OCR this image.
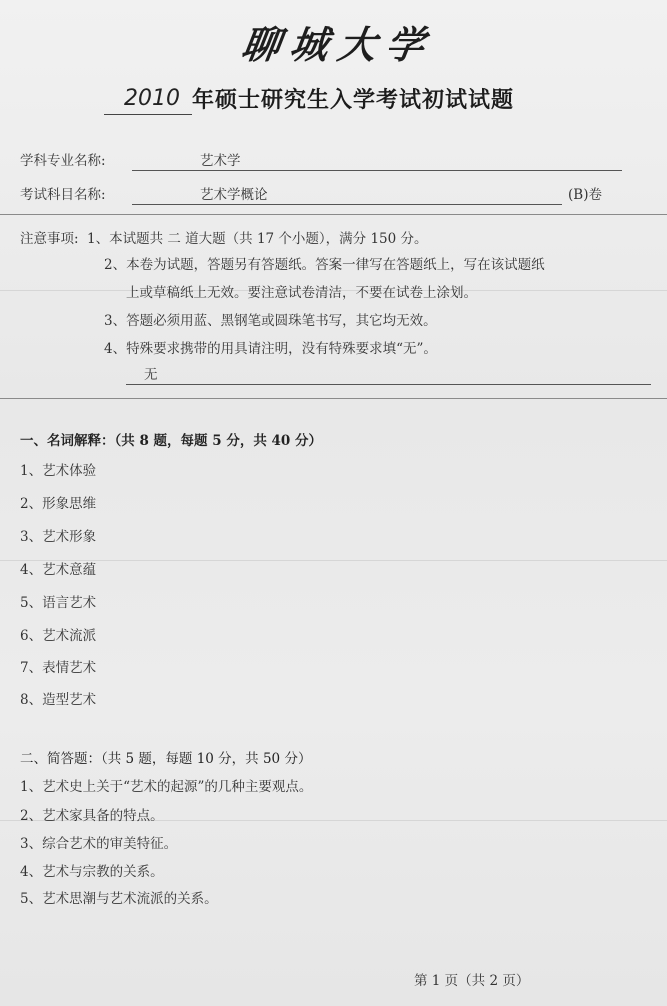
聊城大学
2010 年硕士研究生入学考试初试试题
学科专业名称:	艺术学
考试科目名称:	艺术学概论	(B)卷
注意事项: 1、本试题共 二 道大题（共 17 个小题），满分 150 分。
2、本卷为试题，答题另有答题纸。答案一律写在答题纸上，写在该试题纸
上或草稿纸上无效。要注意试卷清洁，不要在试卷上涂划。
3、答题必须用蓝、黑钢笔或圆珠笔书写，其它均无效。
4、特殊要求携带的用具请注明，没有特殊要求填“无”。
无
一、名词解释：（共 8 题，每题 5 分，共 40 分）
1、艺术体验
2、形象思维
3、艺术形象
4、艺术意蕴
5、语言艺术
6、艺术流派
7、表情艺术
8、造型艺术
二、简答题：（共 5 题，每题 10 分，共 50 分）
1、艺术史上关于“艺术的起源”的几种主要观点。
2、艺术家具备的特点。
3、综合艺术的审美特征。
4、艺术与宗教的关系。
5、艺术思潮与艺术流派的关系。
第 1 页（共 2 页）
